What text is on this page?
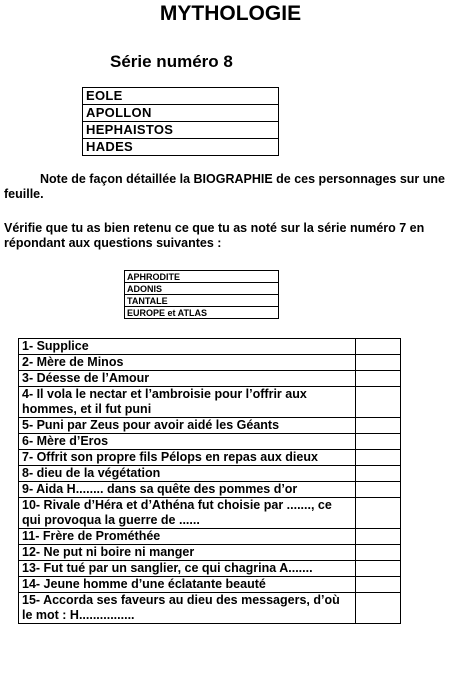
MYTHOLOGIE
Série numéro 8
EOLE
APOLLON
HEPHAISTOS
HADES
Note de façon détaillée la BIOGRAPHIE de ces personnages sur une feuille.
Vérifie que tu as bien retenu ce que tu as noté sur la série numéro 7 en répondant aux questions suivantes :
APHRODITE
ADONIS
TANTALE
EUROPE et ATLAS
1- Supplice	
2- Mère de Minos	
3- Déesse de l’Amour	
4- Il vola le nectar et l’ambroisie pour l’offrir aux hommes, et il fut puni	
5- Puni par Zeus pour avoir aidé les Géants	
6- Mère d’Eros	
7- Offrit son propre fils Pélops en repas aux dieux	
8- dieu de la végétation	
9- Aida H........ dans sa quête des pommes d’or	
10- Rivale d’Héra et d’Athéna fut choisie par ......., ce qui provoqua la guerre de ......	
11- Frère de Prométhée	
12- Ne put ni boire ni manger	
13- Fut tué par un sanglier, ce qui chagrina A.......	
14- Jeune homme d’une éclatante beauté	
15- Accorda ses faveurs au dieu des messagers, d’où le mot : H................	
